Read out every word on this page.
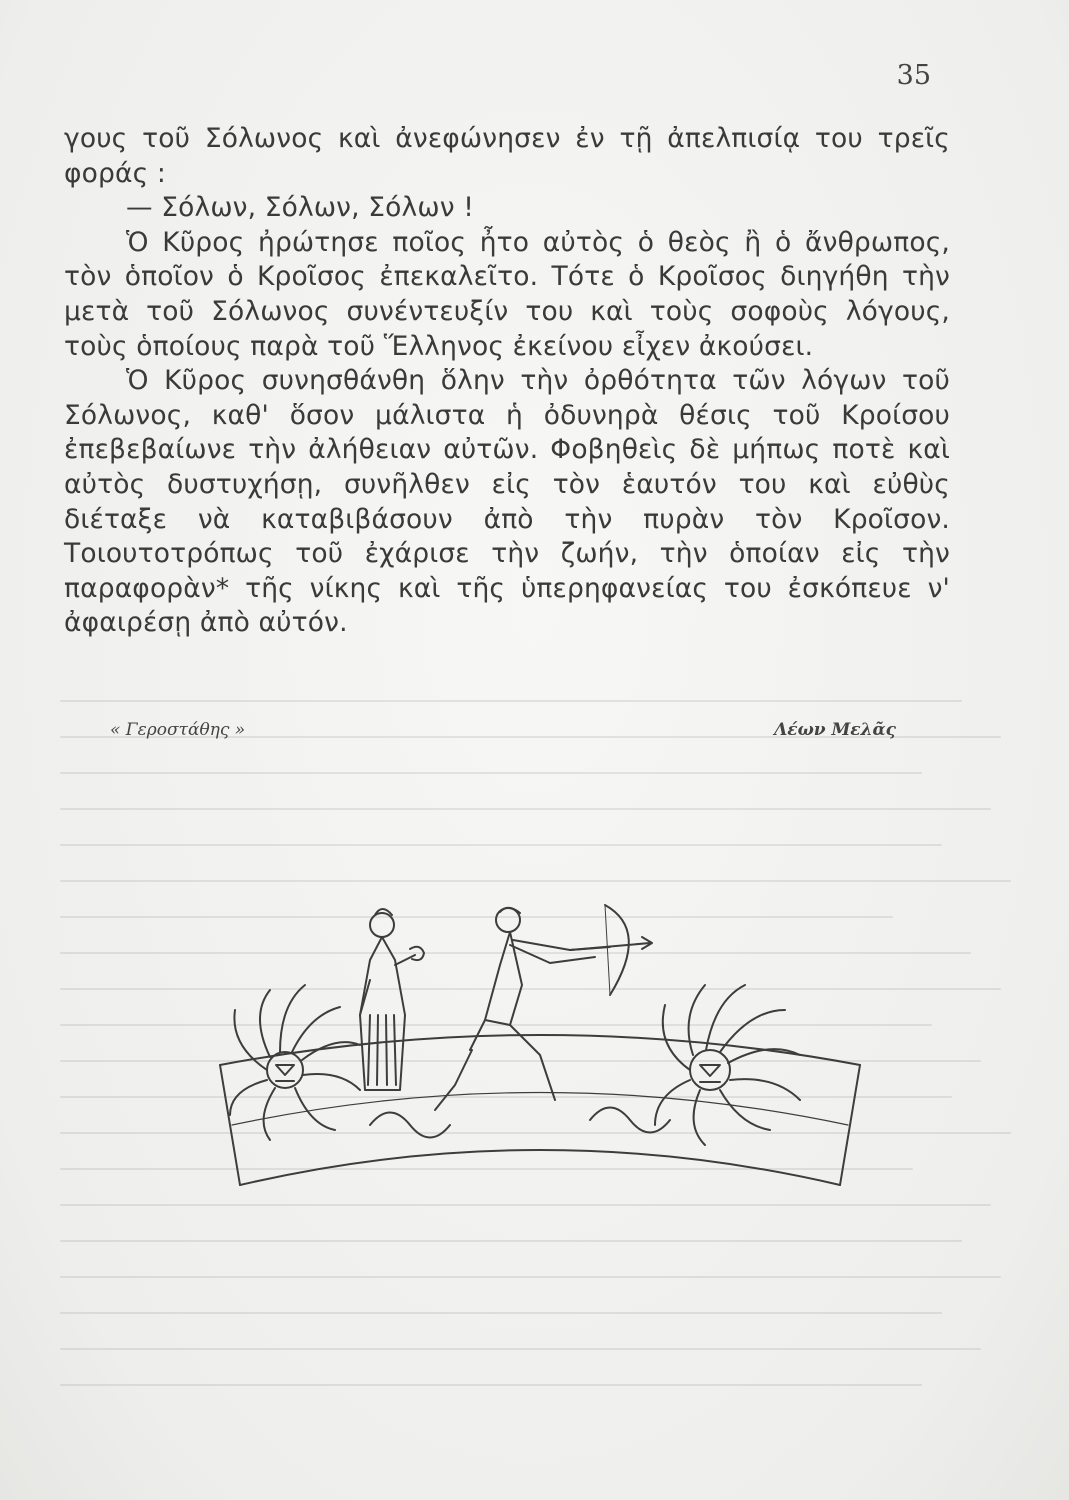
35

γους τοῦ Σόλωνος καὶ ἀνεφώνησεν ἐν τῇ ἀπελπισίᾳ του τρεῖς φοράς :

— Σόλων, Σόλων, Σόλων !

Ὁ Κῦρος ἠρώτησε ποῖος ἦτο αὐτὸς ὁ θεὸς ἢ ὁ ἄνθρωπος, τὸν ὁποῖον ὁ Κροῖσος ἐπεκαλεῖτο. Τότε ὁ Κροῖσος διηγήθη τὴν μετὰ τοῦ Σόλωνος συνέντευξίν του καὶ τοὺς σοφοὺς λόγους, τοὺς ὁποίους παρὰ τοῦ Ἕλληνος ἐκείνου εἶχεν ἀκούσει.

Ὁ Κῦρος συνησθάνθη ὅλην τὴν ὀρθότητα τῶν λόγων τοῦ Σόλωνος, καθ' ὅσον μάλιστα ἡ ὀδυνηρὰ θέσις τοῦ Κροίσου ἐπεβεβαίωνε τὴν ἀλήθειαν αὐτῶν. Φοβηθεὶς δὲ μήπως ποτὲ καὶ αὐτὸς δυστυχήσῃ, συνῆλθεν εἰς τὸν ἑαυτόν του καὶ εὐθὺς διέταξε νὰ καταβιβάσουν ἀπὸ τὴν πυρὰν τὸν Κροῖσον. Τοιουτοτρόπως τοῦ ἐχάρισε τὴν ζωήν, τὴν ὁποίαν εἰς τὴν παραφορὰν* τῆς νίκης καὶ τῆς ὑπερηφανείας του ἐσκόπευε ν' ἀφαιρέσῃ ἀπὸ αὐτόν.

« Γεροστάθης »	Λέων Μελᾶς
